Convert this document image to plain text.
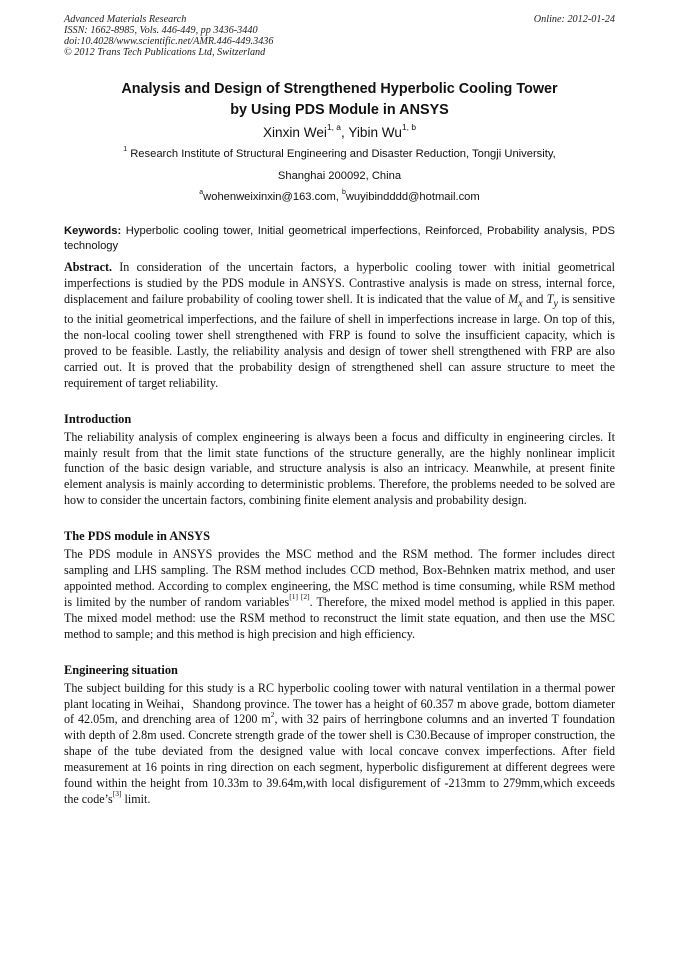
Advanced Materials Research
ISSN: 1662-8985, Vols. 446-449, pp 3436-3440
doi:10.4028/www.scientific.net/AMR.446-449.3436
© 2012 Trans Tech Publications Ltd, Switzerland
Online: 2012-01-24
Analysis and Design of Strengthened Hyperbolic Cooling Tower
by Using PDS Module in ANSYS
Xinxin Wei$^{1, a}$, Yibin Wu$^{1, b}$
$^1$ Research Institute of Structural Engineering and Disaster Reduction, Tongji University,
Shanghai 200092, China
$^a$wohenweixinxin@163.com, $^b$wuyibindddd@hotmail.com
Keywords: Hyperbolic cooling tower, Initial geometrical imperfections, Reinforced, Probability analysis, PDS technology
Abstract. In consideration of the uncertain factors, a hyperbolic cooling tower with initial geometrical imperfections is studied by the PDS module in ANSYS. Contrastive analysis is made on stress, internal force, displacement and failure probability of cooling tower shell. It is indicated that the value of $M_x$ and $T_y$ is sensitive to the initial geometrical imperfections, and the failure of shell in imperfections increase in large. On top of this, the non-local cooling tower shell strengthened with FRP is found to solve the insufficient capacity, which is proved to be feasible. Lastly, the reliability analysis and design of tower shell strengthened with FRP are also carried out. It is proved that the probability design of strengthened shell can assure structure to meet the requirement of target reliability.
Introduction
The reliability analysis of complex engineering is always been a focus and difficulty in engineering circles. It mainly result from that the limit state functions of the structure generally, are the highly nonlinear implicit function of the basic design variable, and structure analysis is also an intricacy. Meanwhile, at present finite element analysis is mainly according to deterministic problems. Therefore, the problems needed to be solved are how to consider the uncertain factors, combining finite element analysis and probability design.
The PDS module in ANSYS
The PDS module in ANSYS provides the MSC method and the RSM method. The former includes direct sampling and LHS sampling. The RSM method includes CCD method, Box-Behnken matrix method, and user appointed method. According to complex engineering, the MSC method is time consuming, while RSM method is limited by the number of random variables[1] [2]. Therefore, the mixed model method is applied in this paper. The mixed model method: use the RSM method to reconstruct the limit state equation, and then use the MSC method to sample; and this method is high precision and high efficiency.
Engineering situation
The subject building for this study is a RC hyperbolic cooling tower with natural ventilation in a thermal power plant locating in Weihai，Shandong province. The tower has a height of 60.357 m above grade, bottom diameter of 42.05m, and drenching area of 1200 $m^2$, with 32 pairs of herringbone columns and an inverted T foundation with depth of 2.8m used. Concrete strength grade of the tower shell is C30.Because of improper construction, the shape of the tube deviated from the designed value with local concave convex imperfections. After field measurement at 16 points in ring direction on each segment, hyperbolic disfigurement at different degrees were found within the height from 10.33m to 39.64m,with local disfigurement of -213mm to 279mm,which exceeds the code’s[3] limit.
